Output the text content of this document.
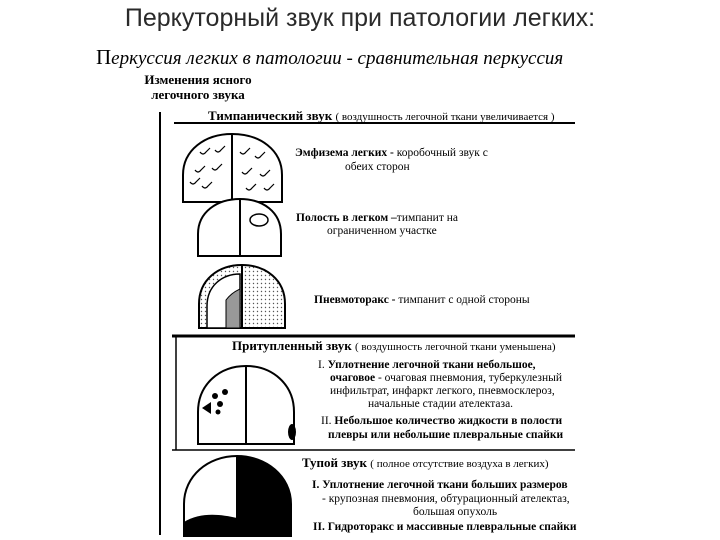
Перкуторный звук при патологии легких:
Перкуссия легких в патологии - сравнительная перкуссия
Изменения ясного
легочного звука
Тимпанический звук ( воздушность легочной ткани увеличивается )
Эмфизема легких - коробочный звук с
обеих сторон
Полость в легком –тимпанит на
ограниченном участке
Пневмоторакс - тимпанит с одной стороны
Притупленный звук ( воздушность легочной ткани уменьшена)
I. Уплотнение легочной ткани небольшое,
очаговое - очаговая пневмония, туберкулезный
инфильтрат, инфаркт легкого, пневмосклероз,
начальные стадии ателектаза.
II. Небольшое количество жидкости в полости
плевры или небольшие плевральные спайки
Тупой звук ( полное отсутствие воздуха в легких)
I. Уплотнение легочной ткани больших размеров
- крупозная пневмония, обтурационный ателектаз,
большая опухоль
II. Гидроторакс и массивные плевральные спайки
